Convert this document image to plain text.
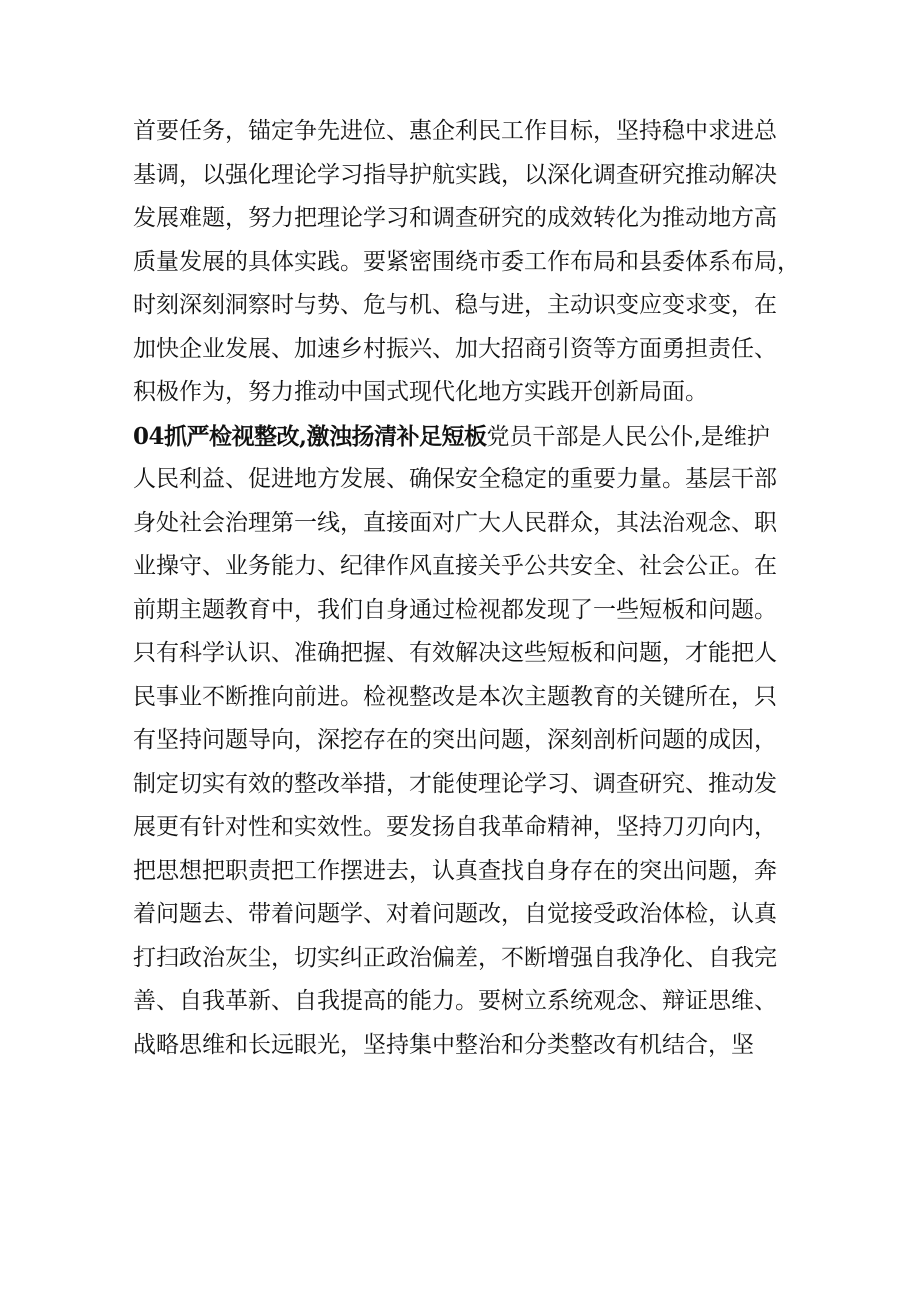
首要任务，锚定争先进位、惠企利民工作目标，坚持稳中求进总
基调，以强化理论学习指导护航实践，以深化调查研究推动解决
发展难题，努力把理论学习和调查研究的成效转化为推动地方高
质量发展的具体实践。要紧密围绕市委工作布局和县委体系布局，
时刻深刻洞察时与势、危与机、稳与进，主动识变应变求变，在
加快企业发展、加速乡村振兴、加大招商引资等方面勇担责任、
积极作为，努力推动中国式现代化地方实践开创新局面。
04抓严检视整改,激浊扬清补足短板党员干部是人民公仆,是维护
人民利益、促进地方发展、确保安全稳定的重要力量。基层干部
身处社会治理第一线，直接面对广大人民群众，其法治观念、职
业操守、业务能力、纪律作风直接关乎公共安全、社会公正。在
前期主题教育中，我们自身通过检视都发现了一些短板和问题。
只有科学认识、准确把握、有效解决这些短板和问题，才能把人
民事业不断推向前进。检视整改是本次主题教育的关键所在，只
有坚持问题导向，深挖存在的突出问题，深刻剖析问题的成因，
制定切实有效的整改举措，才能使理论学习、调查研究、推动发
展更有针对性和实效性。要发扬自我革命精神，坚持刀刃向内，
把思想把职责把工作摆进去，认真查找自身存在的突出问题，奔
着问题去、带着问题学、对着问题改，自觉接受政治体检，认真
打扫政治灰尘，切实纠正政治偏差，不断增强自我净化、自我完
善、自我革新、自我提高的能力。要树立系统观念、辩证思维、
战略思维和长远眼光，坚持集中整治和分类整改有机结合，坚
